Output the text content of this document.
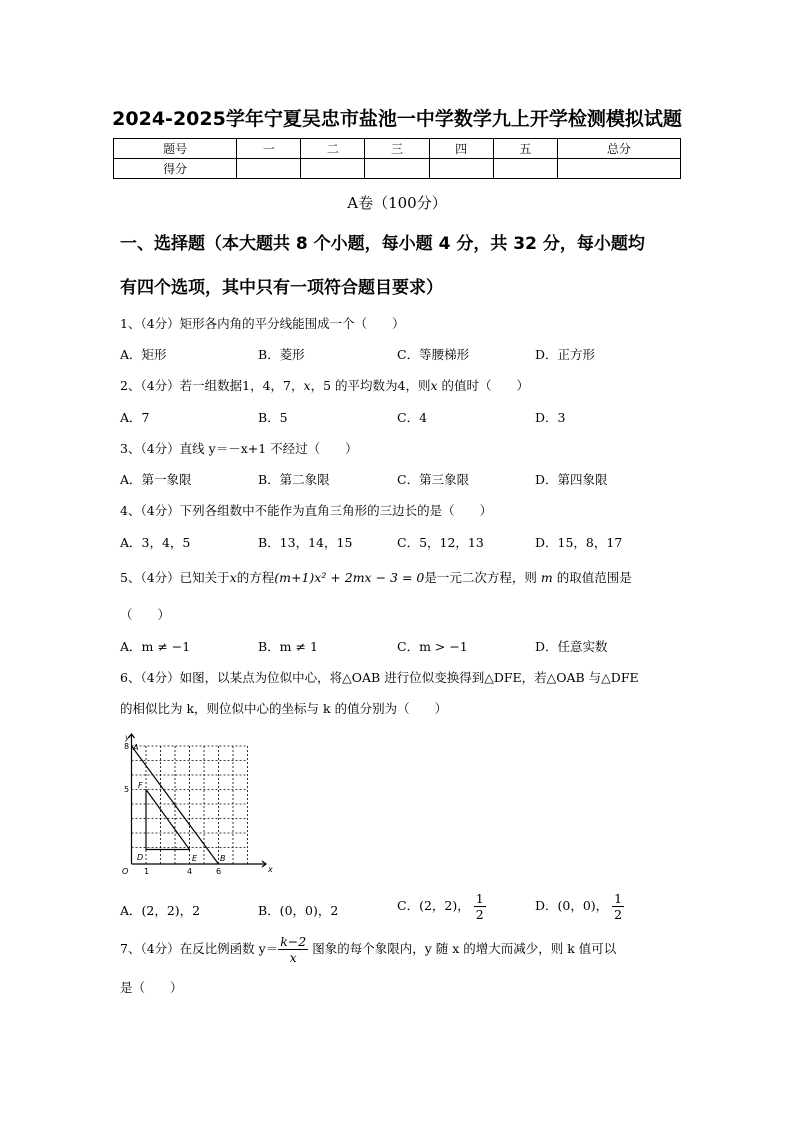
2024-2025学年宁夏吴忠市盐池一中学数学九上开学检测模拟试题
题号	一	二	三	四	五	总分
得分						
A卷（100分）
一、选择题（本大题共 8 个小题，每小题 4 分，共 32 分，每小题均
有四个选项，其中只有一项符合题目要求）
1、（4分）矩形各内角的平分线能围成一个（　　）
A．矩形	B．菱形	C．等腰梯形	D．正方形
2、（4分）若一组数据1，4，7，x，5 的平均数为4，则x 的值时（　　）
A．7	B．5	C．4	D．3
3、（4分）直线 y＝－x+1 不经过（　　）
A．第一象限	B．第二象限	C．第三象限	D．第四象限
4、（4分）下列各组数中不能作为直角三角形的三边长的是（　　）
A．3，4，5	B．13，14，15	C．5，12，13	D．15，8，17
5、（4分）已知关于x的方程(m+1)x² + 2mx − 3 = 0是一元二次方程，则 m 的取值范围是
（　　）
A．m ≠ −1	B．m ≠ 1	C．m > −1	D．任意实数
6、（4分）如图，以某点为位似中心，将△OAB 进行位似变换得到△DFE，若△OAB 与△DFE
的相似比为 k，则位似中心的坐标与 k 的值分别为（　　）
y
x
O
A
F
D	E	B
8
5
1	4	6
A．(2，2)，2	B．(0，0)，2	C．(2，2)， $\frac{1}{2}$	D．(0，0)， $\frac{1}{2}$
7、（4分）在反比例函数 $y= \frac{k-2}{x}$ 图象的每个象限内，y 随 x 的增大而减少，则 k 值可以
是（　　）
